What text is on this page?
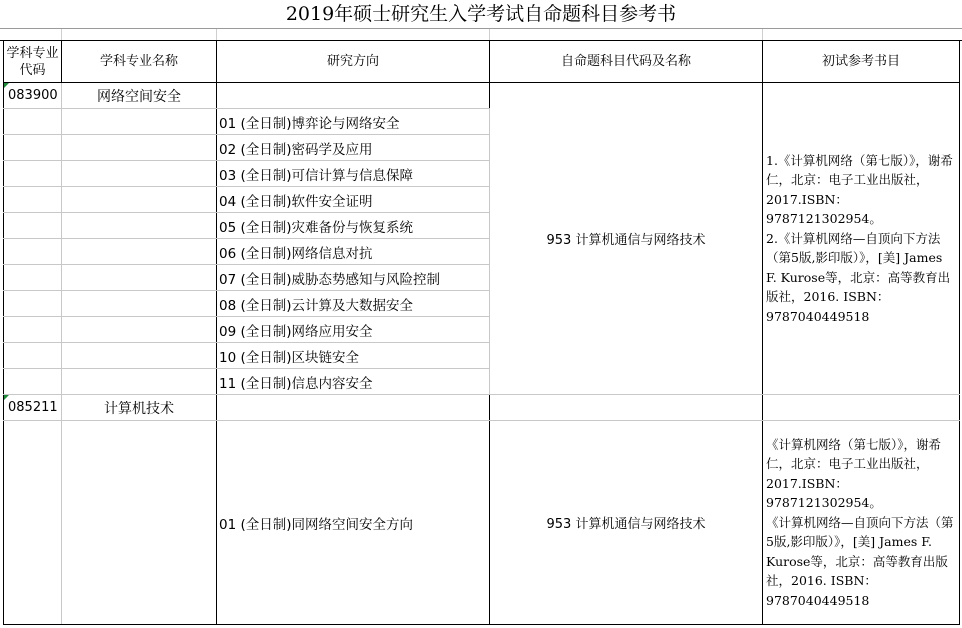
2019年硕士研究生入学考试自命题科目参考书
学科专业代码	学科专业名称	研究方向	自命题科目代码及名称	初试参考书目

083900	网络空间安全		953 计算机通信与网络技术	1.《计算机网络（第七版）》，谢希仁，北京：电子工业出版社，2017.ISBN：9787121302954。

2.《计算机网络—自顶向下方法（第5版,影印版）》，[美] James F. Kurose等，北京：高等教育出版社，2016. ISBN：9787040449518

		01 (全日制)博弈论与网络安全		
		02 (全日制)密码学及应用		
		03 (全日制)可信计算与信息保障		
		04 (全日制)软件安全证明		
		05 (全日制)灾难备份与恢复系统		
		06 (全日制)网络信息对抗		
		07 (全日制)威胁态势感知与风险控制		
		08 (全日制)云计算及大数据安全		
		09 (全日制)网络应用安全		
		10 (全日制)区块链安全		
		11 (全日制)信息内容安全		

085211	计算机技术			
		01 (全日制)同网络空间安全方向	953 计算机通信与网络技术	《计算机网络（第七版）》，谢希仁，北京：电子工业出版社，2017.ISBN：9787121302954。

《计算机网络—自顶向下方法（第5版,影印版）》，[美] James F. Kurose等，北京：高等教育出版社，2016. ISBN：9787040449518
